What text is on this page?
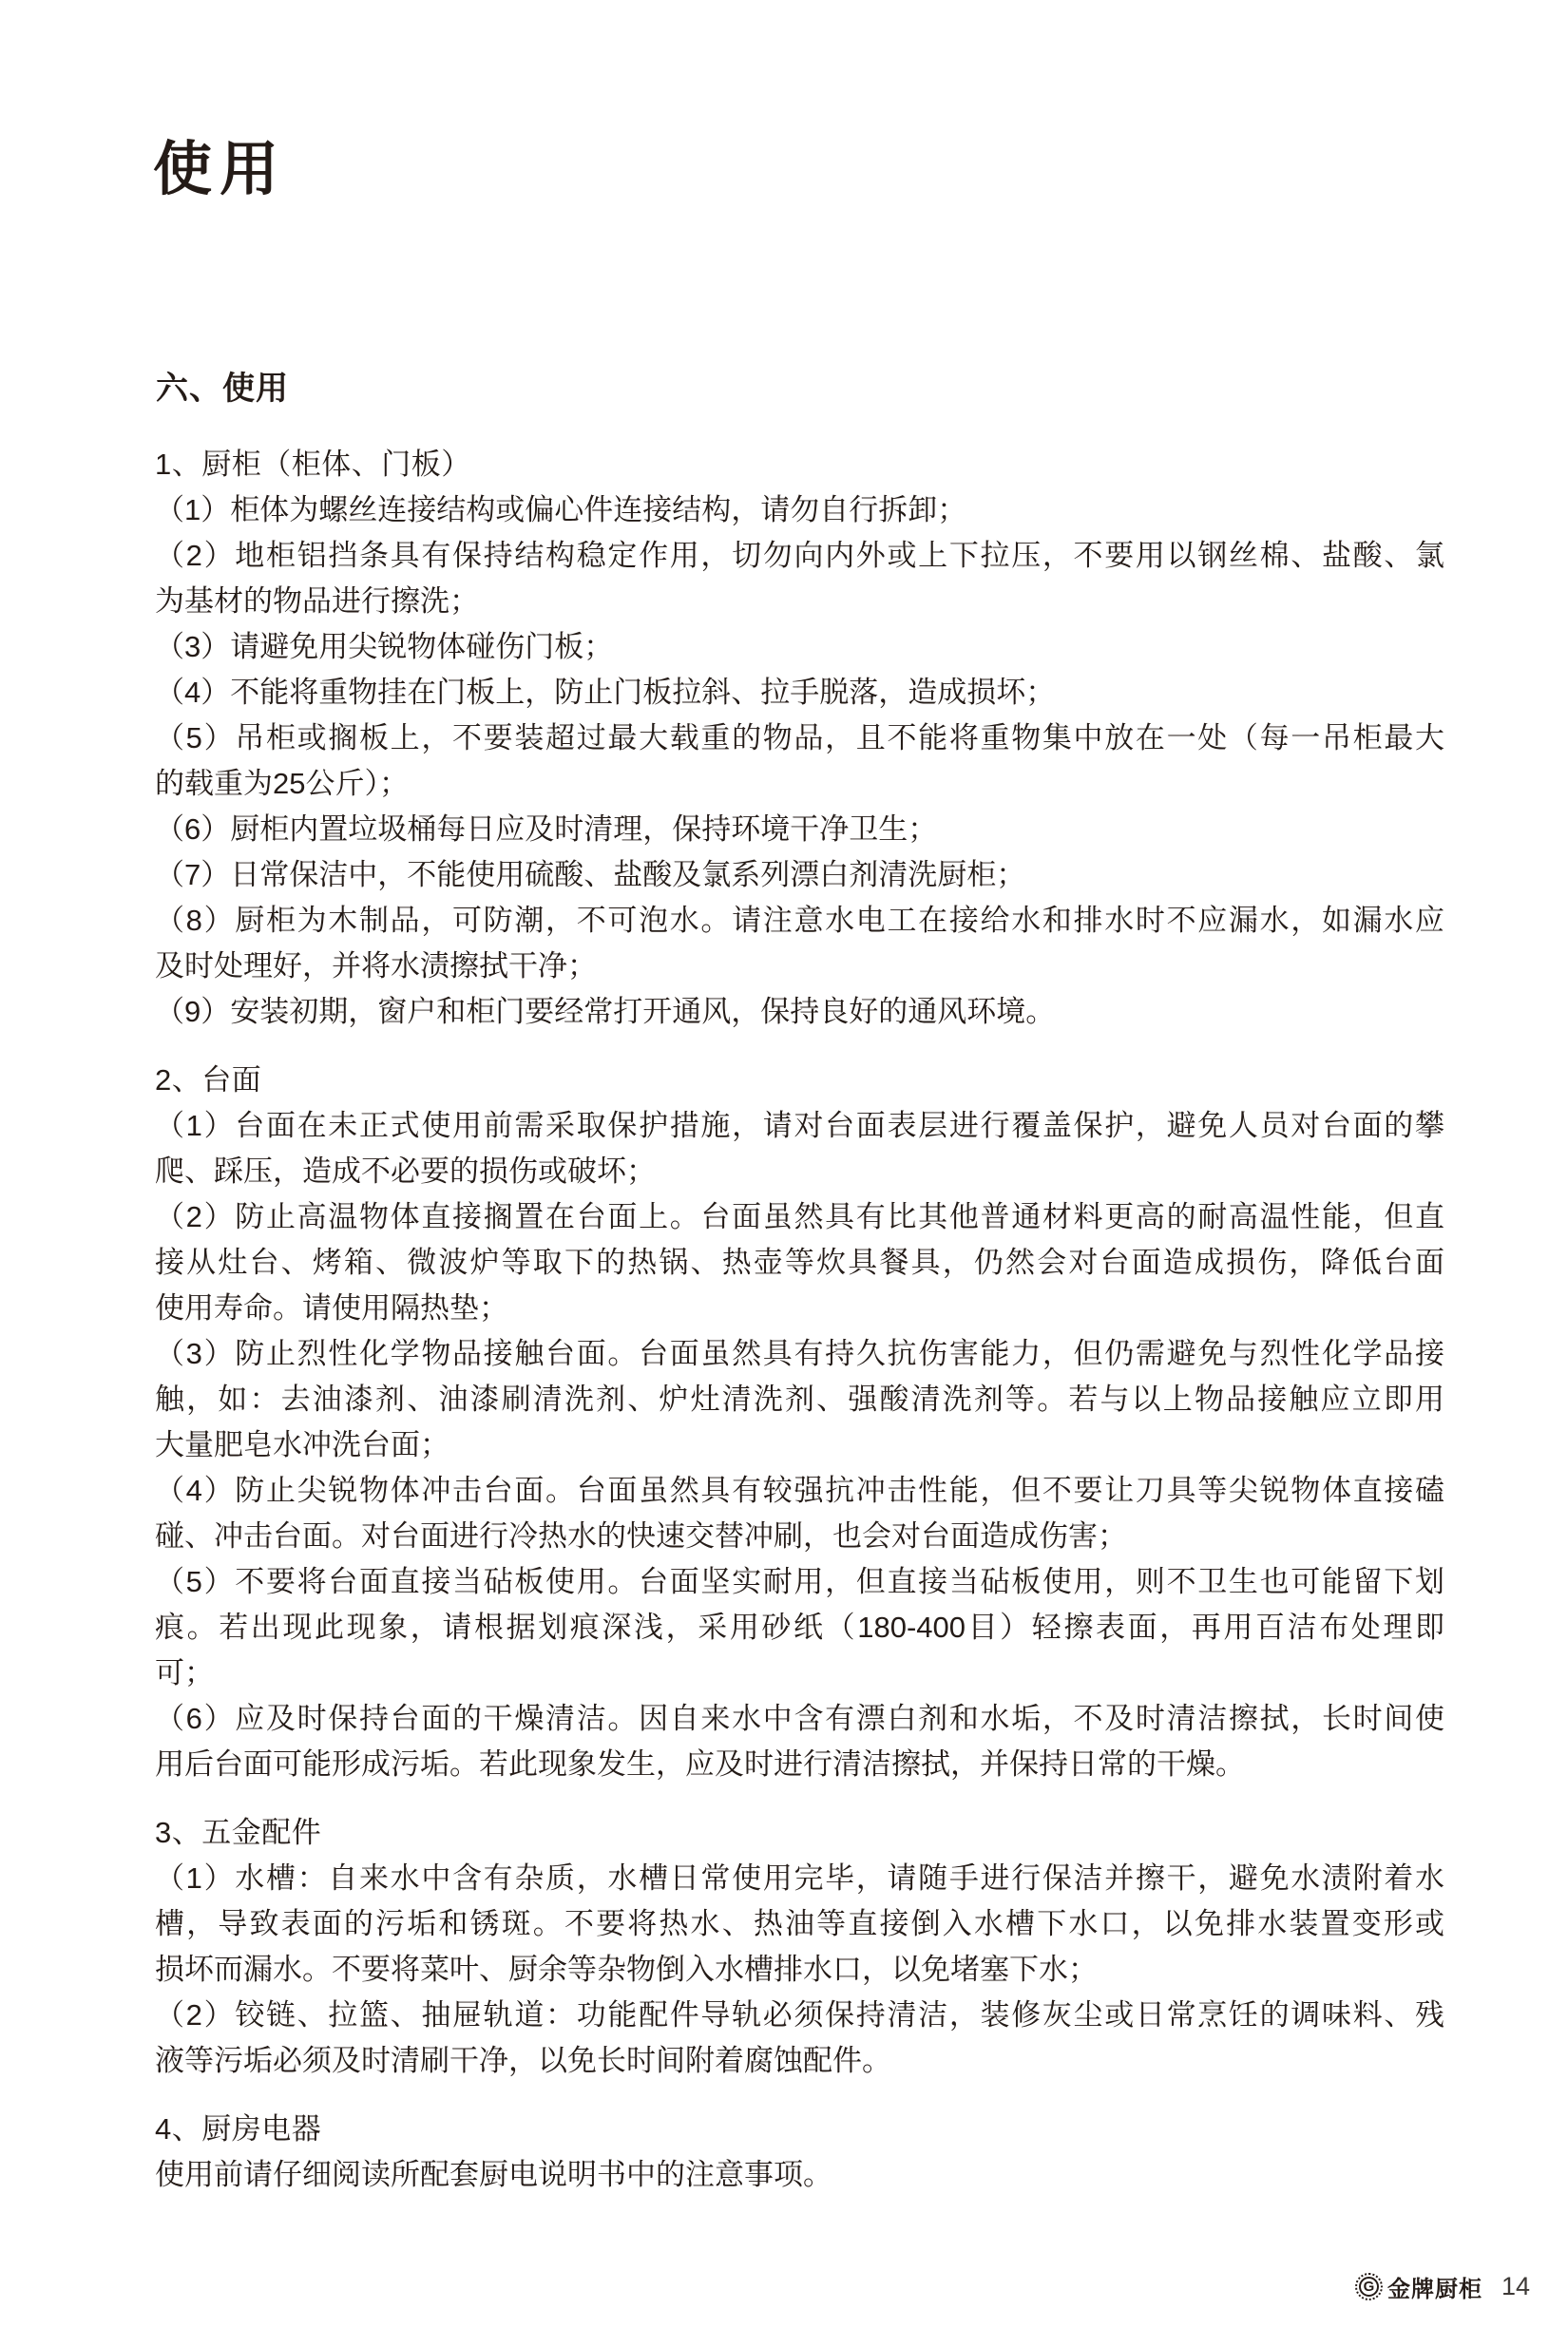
使用
六、使用
1、厨柜（柜体、门板）
（1）柜体为螺丝连接结构或偏心件连接结构，请勿自行拆卸；
（2）地柜铝挡条具有保持结构稳定作用，切勿向内外或上下拉压，不要用以钢丝棉、盐酸、氯
为基材的物品进行擦洗；
（3）请避免用尖锐物体碰伤门板；
（4）不能将重物挂在门板上，防止门板拉斜、拉手脱落，造成损坏；
（5）吊柜或搁板上，不要装超过最大载重的物品，且不能将重物集中放在一处（每一吊柜最大
的载重为25公斤）；
（6）厨柜内置垃圾桶每日应及时清理，保持环境干净卫生；
（7）日常保洁中，不能使用硫酸、盐酸及氯系列漂白剂清洗厨柜；
（8）厨柜为木制品，可防潮，不可泡水。请注意水电工在接给水和排水时不应漏水，如漏水应
及时处理好，并将水渍擦拭干净；
（9）安装初期，窗户和柜门要经常打开通风，保持良好的通风环境。
2、台面
（1）台面在未正式使用前需采取保护措施，请对台面表层进行覆盖保护，避免人员对台面的攀
爬、踩压，造成不必要的损伤或破坏；
（2）防止高温物体直接搁置在台面上。台面虽然具有比其他普通材料更高的耐高温性能，但直
接从灶台、烤箱、微波炉等取下的热锅、热壶等炊具餐具，仍然会对台面造成损伤，降低台面
使用寿命。请使用隔热垫；
（3）防止烈性化学物品接触台面。台面虽然具有持久抗伤害能力，但仍需避免与烈性化学品接
触，如：去油漆剂、油漆刷清洗剂、炉灶清洗剂、强酸清洗剂等。若与以上物品接触应立即用
大量肥皂水冲洗台面；
（4）防止尖锐物体冲击台面。台面虽然具有较强抗冲击性能，但不要让刀具等尖锐物体直接磕
碰、冲击台面。对台面进行冷热水的快速交替冲刷，也会对台面造成伤害；
（5）不要将台面直接当砧板使用。台面坚实耐用，但直接当砧板使用，则不卫生也可能留下划
痕。若出现此现象，请根据划痕深浅，采用砂纸（180-400目）轻擦表面，再用百洁布处理即
可；
（6）应及时保持台面的干燥清洁。因自来水中含有漂白剂和水垢，不及时清洁擦拭，长时间使
用后台面可能形成污垢。若此现象发生，应及时进行清洁擦拭，并保持日常的干燥。
3、五金配件
（1）水槽：自来水中含有杂质，水槽日常使用完毕，请随手进行保洁并擦干，避免水渍附着水
槽，导致表面的污垢和锈斑。不要将热水、热油等直接倒入水槽下水口，以免排水装置变形或
损坏而漏水。不要将菜叶、厨余等杂物倒入水槽排水口，以免堵塞下水；
（2）铰链、拉篮、抽屉轨道：功能配件导轨必须保持清洁，装修灰尘或日常烹饪的调味料、残
液等污垢必须及时清刷干净，以免长时间附着腐蚀配件。
4、厨房电器
使用前请仔细阅读所配套厨电说明书中的注意事项。
G 金牌厨柜 14
